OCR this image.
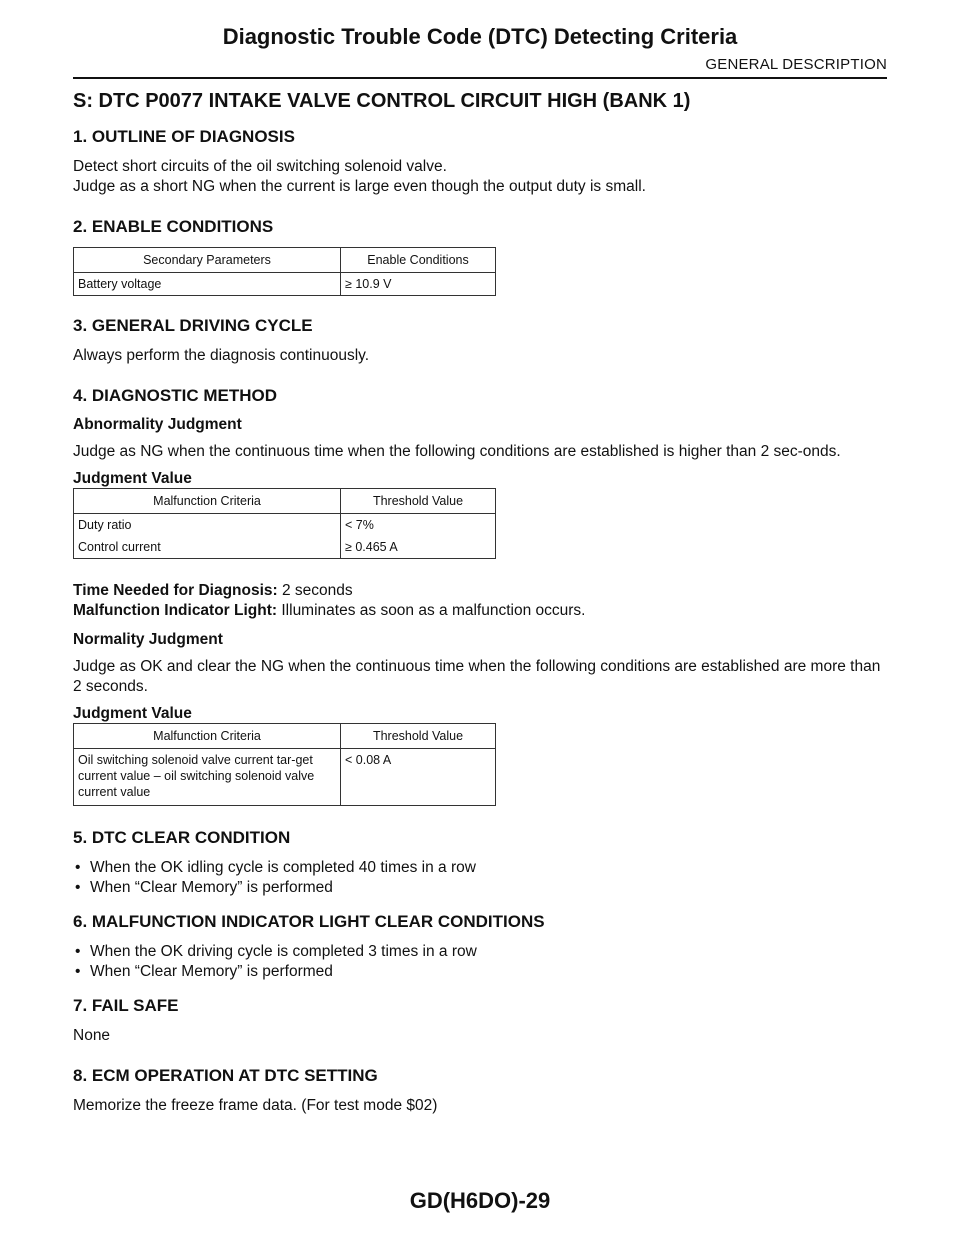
Diagnostic Trouble Code (DTC) Detecting Criteria
GENERAL DESCRIPTION
S: DTC P0077 INTAKE VALVE CONTROL CIRCUIT HIGH (BANK 1)
1. OUTLINE OF DIAGNOSIS

Detect short circuits of the oil switching solenoid valve.
Judge as a short NG when the current is large even though the output duty is small.

2. ENABLE CONDITIONS
Secondary Parameters	Enable Conditions
Battery voltage	≥ 10.9 V
3. GENERAL DRIVING CYCLE

Always perform the diagnosis continuously.

4. DIAGNOSTIC METHOD
Abnormality Judgment

Judge as NG when the continuous time when the following conditions are established is higher than 2 sec-onds.

Judgment Value
Malfunction Criteria	Threshold Value
Duty ratio	< 7%
Control current	≥ 0.465 A
Time Needed for Diagnosis: 2 seconds
Malfunction Indicator Light: Illuminates as soon as a malfunction occurs.
Normality Judgment

Judge as OK and clear the NG when the continuous time when the following conditions are established are more than 2 seconds.

Judgment Value
Malfunction Criteria	Threshold Value
Oil switching solenoid valve current tar-get current value – oil switching solenoid valve current value	< 0.08 A
5. DTC CLEAR CONDITION
• When the OK idling cycle is completed 40 times in a row
• When “Clear Memory” is performed
6. MALFUNCTION INDICATOR LIGHT CLEAR CONDITIONS
• When the OK driving cycle is completed 3 times in a row
• When “Clear Memory” is performed
7. FAIL SAFE

None

8. ECM OPERATION AT DTC SETTING

Memorize the freeze frame data. (For test mode $02)

GD(H6DO)-29
